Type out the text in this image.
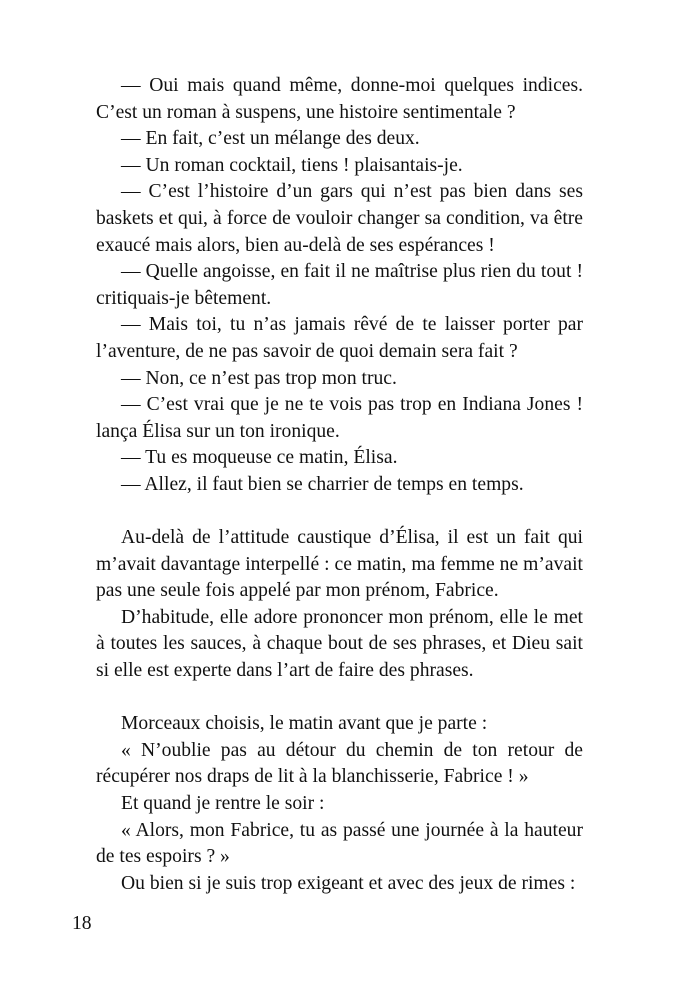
— Oui mais quand même, donne-moi quelques indices. C’est un roman à suspens, une histoire sentimentale ?

— En fait, c’est un mélange des deux.

— Un roman cocktail, tiens ! plaisantais-je.

— C’est l’histoire d’un gars qui n’est pas bien dans ses baskets et qui, à force de vouloir changer sa condition, va être exaucé mais alors, bien au-delà de ses espérances !

— Quelle angoisse, en fait il ne maîtrise plus rien du tout ! critiquais-je bêtement.

— Mais toi, tu n’as jamais rêvé de te laisser porter par l’aventure, de ne pas savoir de quoi demain sera fait ?

— Non, ce n’est pas trop mon truc.

— C’est vrai que je ne te vois pas trop en Indiana Jones ! lança Élisa sur un ton ironique.

— Tu es moqueuse ce matin, Élisa.

— Allez, il faut bien se charrier de temps en temps.

Au-delà de l’attitude caustique d’Élisa, il est un fait qui m’avait davantage interpellé : ce matin, ma femme ne m’avait pas une seule fois appelé par mon prénom, Fabrice.

D’habitude, elle adore prononcer mon prénom, elle le met à toutes les sauces, à chaque bout de ses phrases, et Dieu sait si elle est experte dans l’art de faire des phrases.

Morceaux choisis, le matin avant que je parte :

« N’oublie pas au détour du chemin de ton retour de récupérer nos draps de lit à la blanchisserie, Fabrice ! »

Et quand je rentre le soir :

« Alors, mon Fabrice, tu as passé une journée à la hauteur de tes espoirs ? »

Ou bien si je suis trop exigeant et avec des jeux de rimes :

18
